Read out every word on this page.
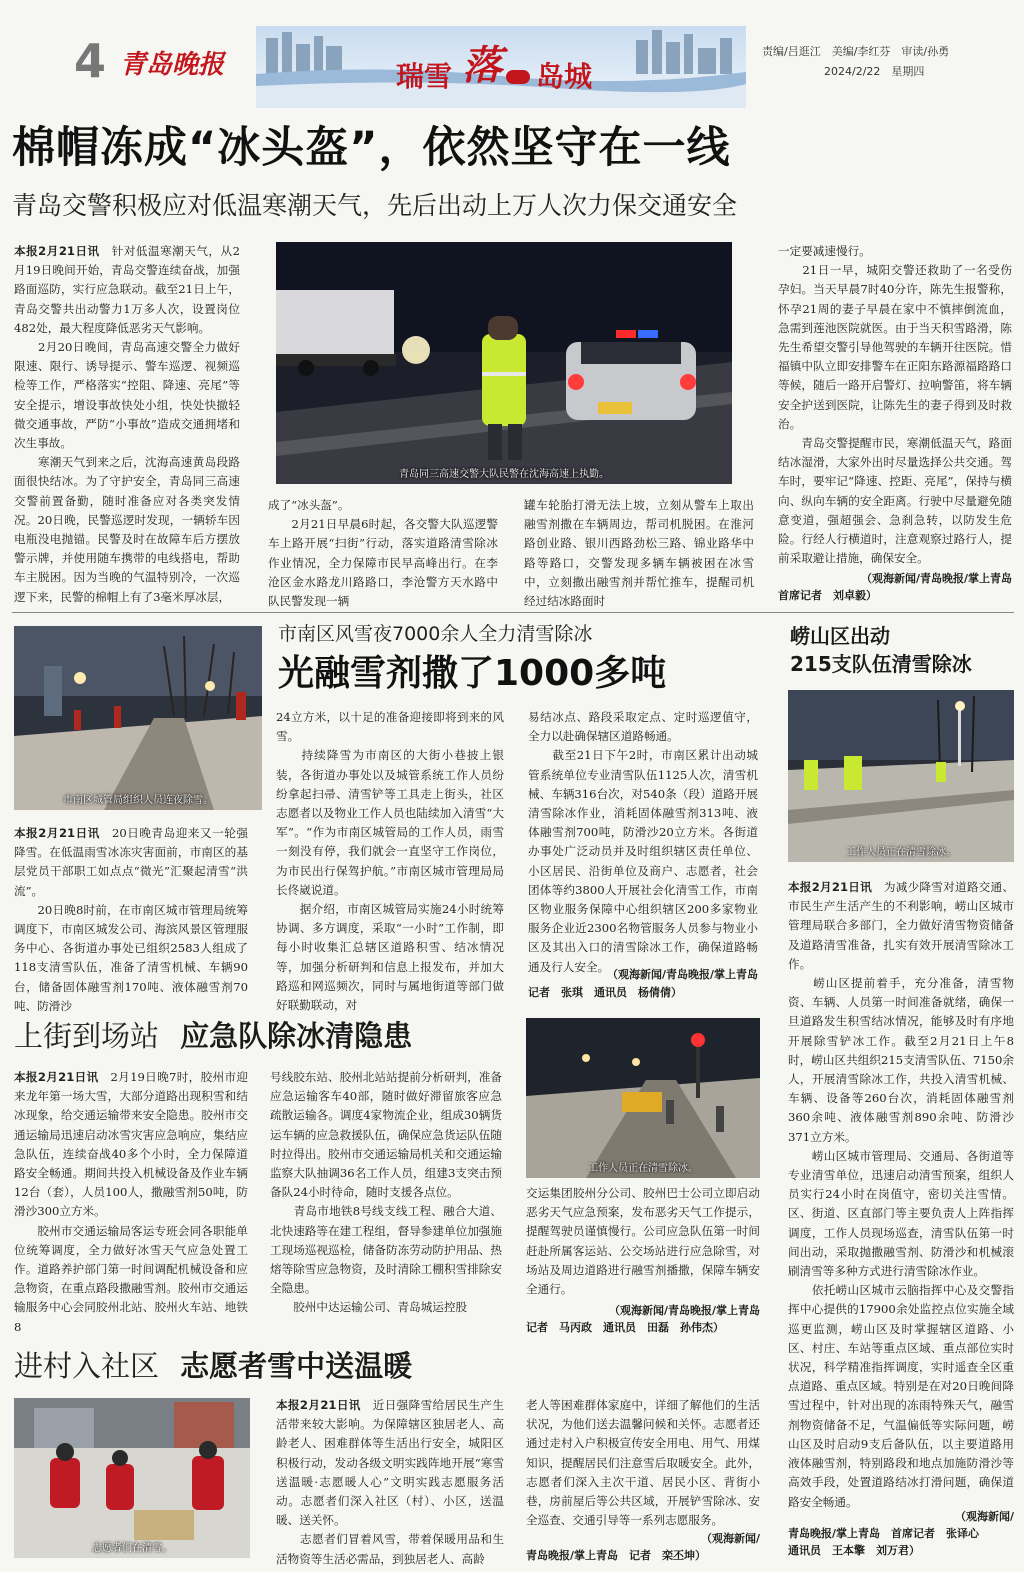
4 青岛晚报	瑞雪 落 岛城
责编/吕逛江　美编/李红芬　审读/孙勇
2024/2/22　星期四
棉帽冻成“冰头盔”，依然坚守在一线
青岛交警积极应对低温寒潮天气，先后出动上万人次力保交通安全
本报2月21日讯　 针对低温寒潮天气，从2月19日晚间开始，青岛交警连续奋战，加强路面巡防，实行应急联动。截至21日上午，青岛交警共出动警力1万多人次，设置岗位482处，最大程度降低恶劣天气影响。
　　2月20日晚间，青岛高速交警全力做好限速、限行、诱导提示、警车巡逻、视频巡检等工作，严格落实“控阻、降速、亮尾”等安全提示，增设事故快处小组，快处快撤轻微交通事故，严防“小事故”造成交通拥堵和次生事故。
　　寒潮天气到来之后，沈海高速黄岛段路面很快结冰。为了守护安全，青岛同三高速交警前置备勤，随时准备应对各类突发情况。20日晚，民警巡逻时发现，一辆轿车因电瓶没电抛锚。民警及时在故障车后方摆放警示牌，并使用随车携带的电线搭电，帮助车主脱困。因为当晚的气温特别冷，一次巡逻下来，民警的棉帽上有了3毫米厚冰层，
青岛同三高速交警大队民警在沈海高速上执勤。
成了“冰头盔”。
　　2月21日早晨6时起，各交警大队巡逻警车上路开展“扫街”行动，落实道路清雪除冰作业情况，全力保障市民早高峰出行。在李沧区金水路龙川路路口，李沧警方天水路中队民警发现一辆
罐车轮胎打滑无法上坡，立刻从警车上取出融雪剂撒在车辆周边，帮司机脱困。在淮河路创业路、银川西路劲松三路、锦业路华中路等路口，交警发现多辆车辆被困在冰雪中，立刻撒出融雪剂并帮忙推车，提醒司机经过结冰路面时
一定要减速慢行。
　　21日一早，城阳交警还救助了一名受伤孕妇。当天早晨7时40分许，陈先生报警称，怀孕21周的妻子早晨在家中不慎摔倒流血，急需到莲池医院就医。由于当天积雪路滑，陈先生希望交警引导他驾驶的车辆开往医院。惜福镇中队立即安排警车在正阳东路源福路路口等候，随后一路开启警灯、拉响警笛，将车辆安全护送到医院，让陈先生的妻子得到及时救治。
　　青岛交警提醒市民，寒潮低温天气，路面结冰湿滑，大家外出时尽量选择公共交通。驾车时，要牢记“降速、控距、亮尾”，保持与横向、纵向车辆的安全距离。行驶中尽量避免随意变道，强超强会、急刹急转，以防发生危险。行经人行横道时，注意观察过路行人，提前采取避让措施，确保安全。
（观海新闻/青岛晚报/掌上青岛
首席记者　刘卓毅）
市南区城管局组织人员连夜除雪。
市南区风雪夜7000余人全力清雪除冰
光融雪剂撒了1000多吨
本报2月21日讯　 20日晚青岛迎来又一轮强降雪。在低温雨雪冰冻灾害面前，市南区的基层党员干部职工如点点“微光”汇聚起清雪“洪流”。
　　20日晚8时前，在市南区城市管理局统筹调度下，市南区城发公司、海滨风景区管理服务中心、各街道办事处已组织2583人组成了118支清雪队伍，准备了清雪机械、车辆90台，储备固体融雪剂170吨、液体融雪剂70吨、防滑沙
24立方米，以十足的准备迎接即将到来的风雪。
　　持续降雪为市南区的大街小巷披上银装，各街道办事处以及城管系统工作人员纷纷拿起扫帚、清雪铲等工具走上街头，社区志愿者以及物业工作人员也陆续加入清雪“大军”。“作为市南区城管局的工作人员，雨雪一刻没有停，我们就会一直坚守工作岗位，为市民出行保驾护航。”市南区城市管理局局长佟崴说道。
　　据介绍，市南区城管局实施24小时统筹协调、多方调度，采取“一小时”工作制，即每小时收集汇总辖区道路积雪、结冰情况等，加强分析研判和信息上报发布，并加大路巡和网巡频次，同时与属地街道等部门做好联勤联动，对
易结冰点、路段采取定点、定时巡逻值守，全力以赴确保辖区道路畅通。
　　截至21日下午2时，市南区累计出动城管系统单位专业清雪队伍1125人次，清雪机械、车辆316台次，对540条（段）道路开展清雪除冰作业，消耗固体融雪剂313吨、液体融雪剂700吨，防滑沙20立方米。各街道办事处广泛动员并及时组织辖区责任单位、小区居民、沿街单位及商户、志愿者，社会团体等约3800人开展社会化清雪工作，市南区物业服务保障中心组织辖区200多家物业服务企业近2300名物管服务人员参与物业小区及其出入口的清雪除冰工作，确保道路畅通及行人安全。
（观海新闻/青岛晚报/掌上青岛
记者　张琪　通讯员　杨倩倩）
崂山区出动
215支队伍清雪除冰
工作人员正在清雪除冰。
本报2月21日讯　 为减少降雪对道路交通、市民生产生活产生的不利影响，崂山区城市管理局联合多部门，全力做好清雪物资储备及道路清雪准备，扎实有效开展清雪除冰工作。
　　崂山区提前着手，充分准备，清雪物资、车辆、人员第一时间准备就绪，确保一旦道路发生积雪结冰情况，能够及时有序地开展除雪铲冰工作。截至2月21日上午8时，崂山区共组织215支清雪队伍、7150余人，开展清雪除冰工作，共投入清雪机械、车辆、设备等260台次，消耗固体融雪剂360余吨、液体融雪剂890余吨、防滑沙371立方米。
　　崂山区城市管理局、交通局、各街道等专业清雪单位，迅速启动清雪预案，组织人员实行24小时在岗值守，密切关注雪情。区、街道、区直部门等主要负责人上阵指挥调度，工作人员现场巡查，清雪队伍第一时间出动，采取抛撒融雪剂、防滑沙和机械滚刷清雪等多种方式进行清雪除冰作业。
　　依托崂山区城市云脑指挥中心及交警指挥中心提供的17900余处监控点位实施全域巡更监测，崂山区及时掌握辖区道路、小区、村庄、车站等重点区域、重点部位实时状况，科学精准指挥调度，实时遥查全区重点道路、重点区域。特别是在对20日晚间降雪过程中，针对出现的冻雨特殊天气，融雪剂物资储备不足，气温偏低等实际问题，崂山区及时启动9支后备队伍，以主要道路用液体融雪剂，特别路段和地点加施防滑沙等高效手段，处置道路结冰打滑问题，确保道路安全畅通。
（观海新闻/
青岛晚报/掌上青岛　首席记者　张译心
通讯员　王本擎　刘万君）
上街到场站 应急队除冰清隐患
工作人员正在清雪除冰。
本报2月21日讯　 2月19日晚7时，胶州市迎来龙年第一场大雪，大部分道路出现积雪和结冰现象，给交通运输带来安全隐患。胶州市交通运输局迅速启动冰雪灾害应急响应，集结应急队伍，连续奋战40多个小时，全力保障道路安全畅通。期间共投入机械设备及作业车辆12台（套），人员100人，撒融雪剂50吨，防滑沙300立方米。
　　胶州市交通运输局客运专班会同各职能单位统筹调度，全力做好冰雪天气应急处置工作。道路养护部门第一时间调配机械设备和应急物资，在重点路段撒融雪剂。胶州市交通运输服务中心会同胶州北站、胶州火车站、地铁8
号线胶东站、胶州北站站提前分析研判，准备应急运输客车40部，随时做好滞留旅客应急疏散运输各。调度4家物流企业，组成30辆货运车辆的应急救援队伍，确保应急货运队伍随时拉得出。胶州市交通运输局机关和交通运输监察大队抽调36名工作人员，组建3支突击预备队24小时待命，随时支援各点位。
　　青岛市地铁8号线支线工程、融合大道、北快速路等在建工程组，督导参建单位加强施工现场巡视巡检，储备防冻劳动防护用品、热熔等除雪应急物资，及时清除工棚积雪排除安全隐患。
　　胶州中达运输公司、青岛城运控股
交运集团胶州分公司、胶州巴士公司立即启动恶劣天气应急预案，发布恶劣天气工作提示，提醒驾驶员谨慎慢行。公司应急队伍第一时间赶赴所属客运站、公交场站进行应急除雪，对场站及周边道路进行融雪剂播撒，保障车辆安全通行。
（观海新闻/青岛晚报/掌上青岛
记者　马丙政　通讯员　田磊　孙伟杰）
进村入社区 志愿者雪中送温暖
志愿者们在清雪。
本报2月21日讯　 近日强降雪给居民生产生活带来较大影响。为保障辖区独居老人、高龄老人、困难群体等生活出行安全，城阳区积极行动，发动各级文明实践阵地开展“寒雪送温暖·志愿暖人心”文明实践志愿服务活动。志愿者们深入社区（村）、小区，送温暖、送关怀。
　　志愿者们冒着风雪，带着保暖用品和生活物资等生活必需品，到独居老人、高龄
老人等困难群体家庭中，详细了解他们的生活状况，为他们送去温馨问候和关怀。志愿者还通过走村入户积极宣传安全用电、用气、用煤知识，提醒居民们注意雪后取暖安全。此外，志愿者们深入主次干道、居民小区、背街小巷，房前屋后等公共区域，开展铲雪除冰、安全巡查、交通引导等一系列志愿服务。
（观海新闻/
青岛晚报/掌上青岛　记者　栾丕坤）
